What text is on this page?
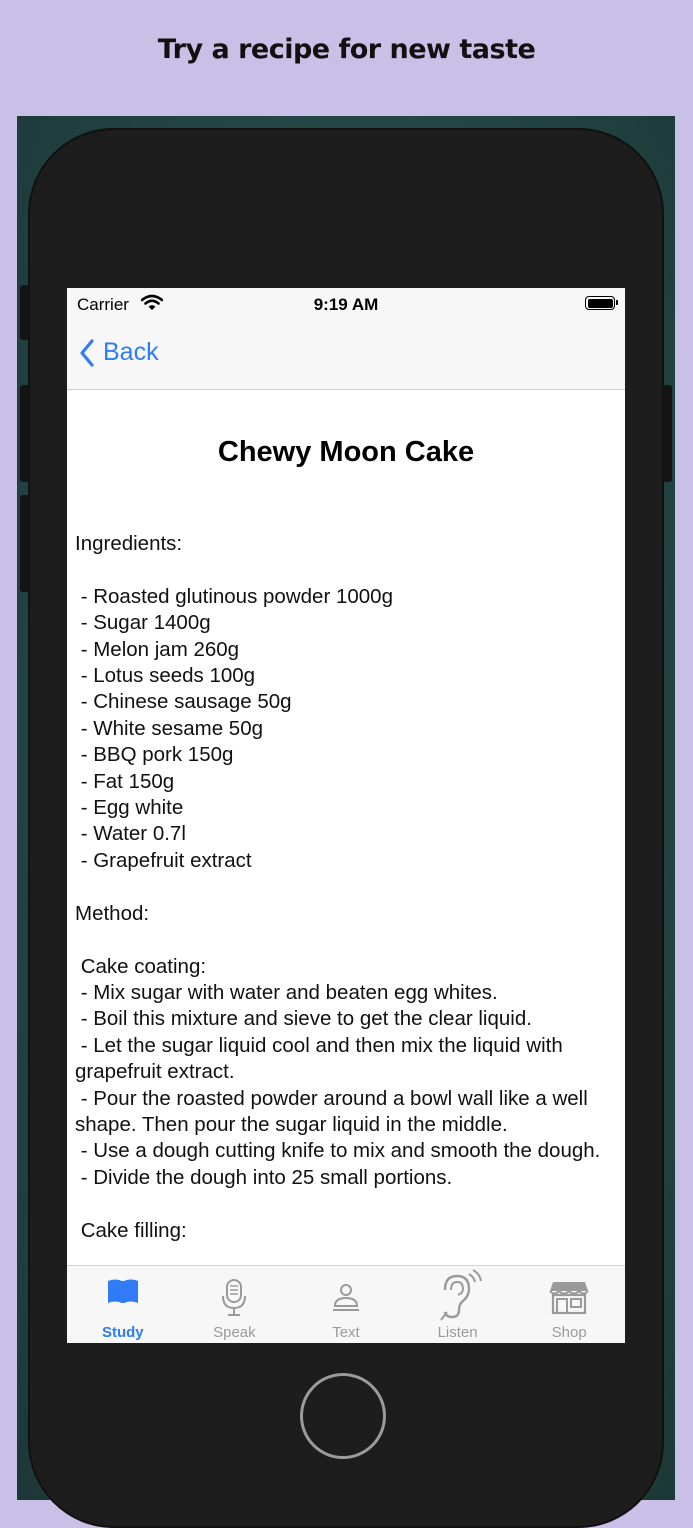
Try a recipe for new taste
Carrier	9:19 AM
Back
Chewy Moon Cake
Ingredients:

- Roasted glutinous powder 1000g
- Sugar 1400g
- Melon jam 260g
- Lotus seeds 100g
- Chinese sausage 50g
- White sesame 50g
- BBQ pork 150g
- Fat 150g
- Egg white
- Water 0.7l
- Grapefruit extract

Method:

Cake coating:
- Mix sugar with water and beaten egg whites.
- Boil this mixture and sieve to get the clear liquid.
- Let the sugar liquid cool and then mix the liquid with grapefruit extract.
- Pour the roasted powder around a bowl wall like a well shape. Then pour the sugar liquid in the middle.
- Use a dough cutting knife to mix and smooth the dough.
- Divide the dough into 25 small portions.

Cake filling:
Study	Speak	Text	Listen	Shop
